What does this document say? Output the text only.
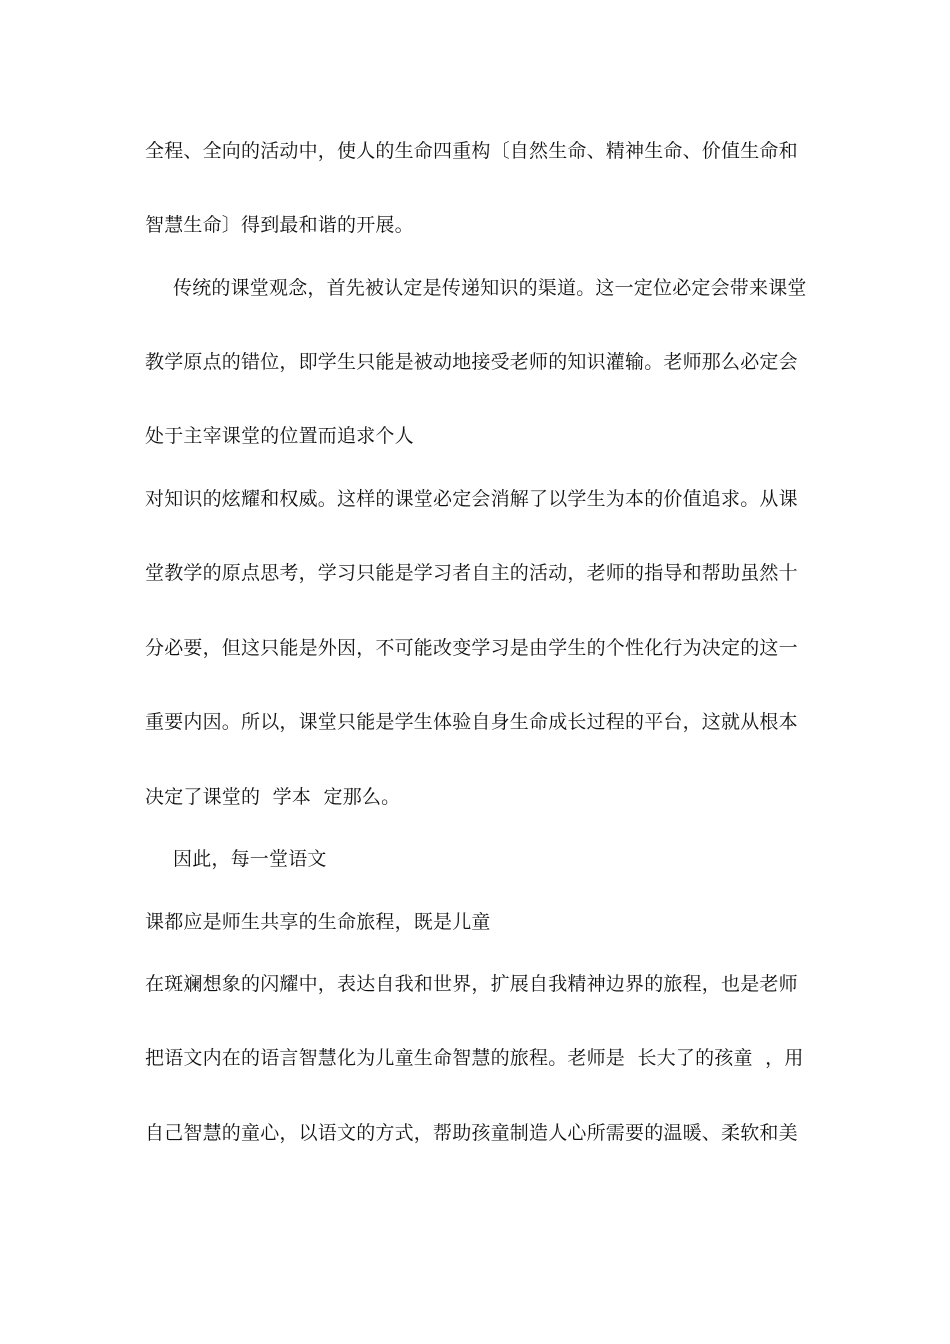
全程、全向的活动中，使人的生命四重构〔自然生命、精神生命、价值生命和
智慧生命〕得到最和谐的开展。
传统的课堂观念，首先被认定是传递知识的渠道。这一定位必定会带来课堂
教学原点的错位，即学生只能是被动地接受老师的知识灌输。老师那么必定会
处于主宰课堂的位置而追求个人
对知识的炫耀和权威。这样的课堂必定会消解了以学生为本的价值追求。从课
堂教学的原点思考，学习只能是学习者自主的活动，老师的指导和帮助虽然十
分必要，但这只能是外因，不可能改变学习是由学生的个性化行为决定的这一
重要内因。所以，课堂只能是学生体验自身生命成长过程的平台，这就从根本
决定了课堂的  学本  定那么。
因此，每一堂语文
课都应是师生共享的生命旅程，既是儿童
在斑斓想象的闪耀中，表达自我和世界，扩展自我精神边界的旅程，也是老师
把语文内在的语言智慧化为儿童生命智慧的旅程。老师是  长大了的孩童  ，用
自己智慧的童心，以语文的方式，帮助孩童制造人心所需要的温暖、柔软和美
